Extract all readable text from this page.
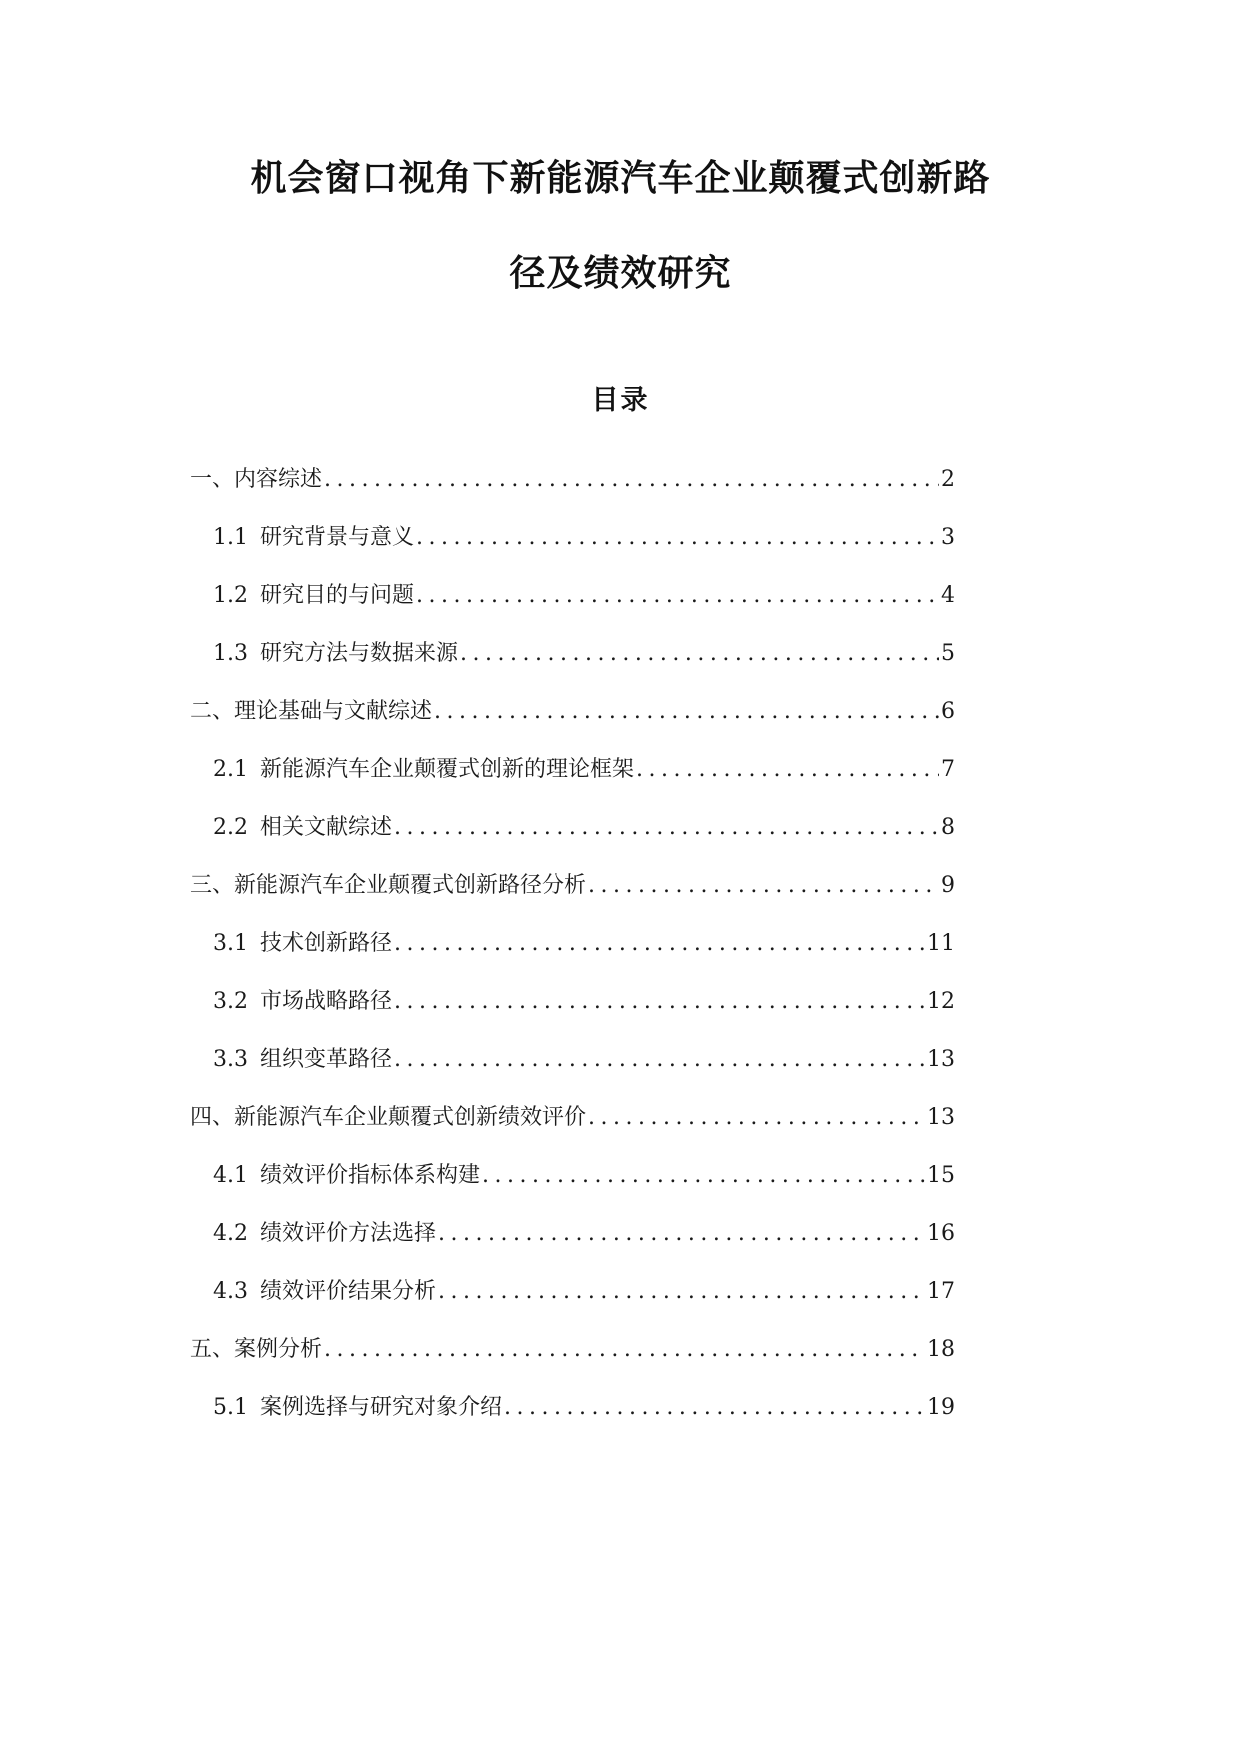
机会窗口视角下新能源汽车企业颠覆式创新路
径及绩效研究
目录
一、内容综述 .....	2
1.1 研究背景与意义 .....	3
1.2 研究目的与问题 .....	4
1.3 研究方法与数据来源 .....	5
二、理论基础与文献综述 .....	6
2.1 新能源汽车企业颠覆式创新的理论框架 .....	7
2.2 相关文献综述 .....	8
三、新能源汽车企业颠覆式创新路径分析 .....	9
3.1 技术创新路径 .....	11
3.2 市场战略路径 .....	12
3.3 组织变革路径 .....	13
四、新能源汽车企业颠覆式创新绩效评价 .....	13
4.1 绩效评价指标体系构建 .....	15
4.2 绩效评价方法选择 .....	16
4.3 绩效评价结果分析 .....	17
五、案例分析 .....	18
5.1 案例选择与研究对象介绍 .....	19
